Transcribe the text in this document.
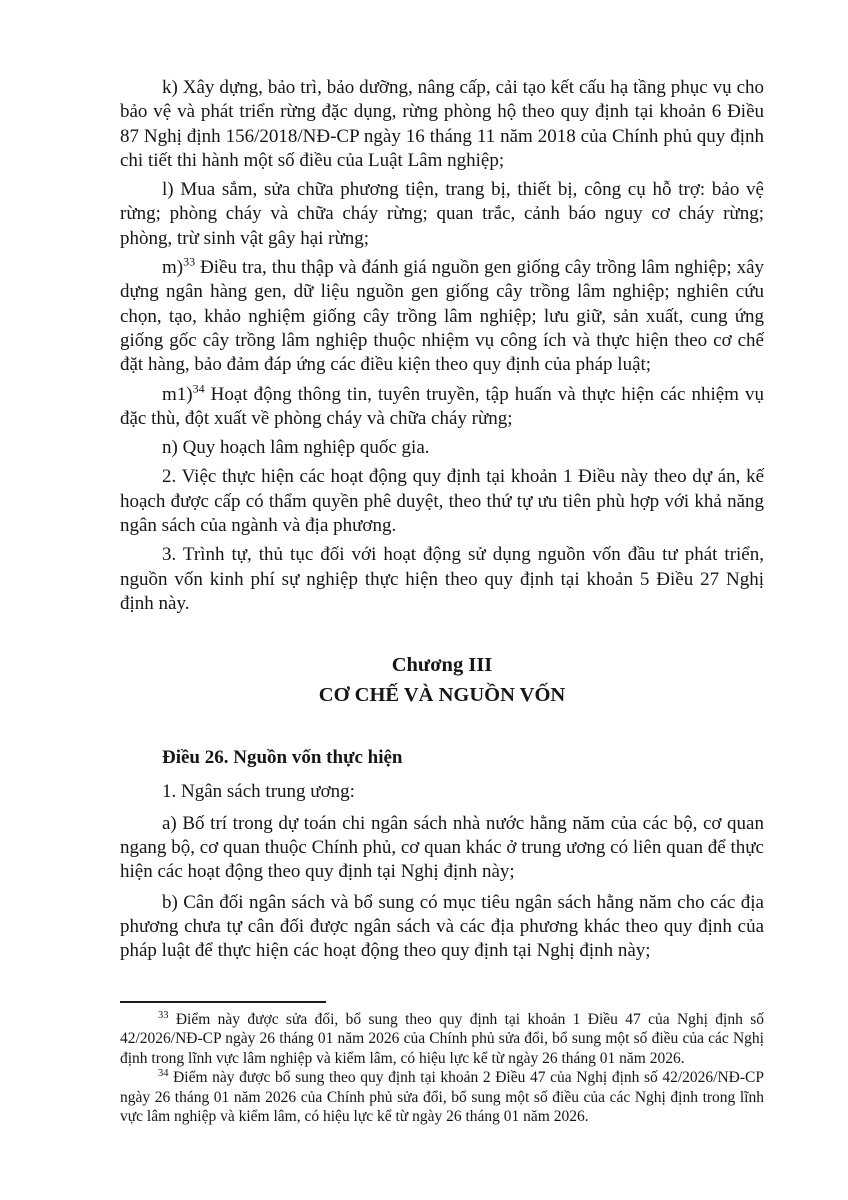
k) Xây dựng, bảo trì, bảo dưỡng, nâng cấp, cải tạo kết cấu hạ tầng phục vụ cho bảo vệ và phát triển rừng đặc dụng, rừng phòng hộ theo quy định tại khoản 6 Điều 87 Nghị định 156/2018/NĐ-CP ngày 16 tháng 11 năm 2018 của Chính phủ quy định chi tiết thi hành một số điều của Luật Lâm nghiệp;

l) Mua sắm, sửa chữa phương tiện, trang bị, thiết bị, công cụ hỗ trợ: bảo vệ rừng; phòng cháy và chữa cháy rừng; quan trắc, cảnh báo nguy cơ cháy rừng; phòng, trừ sinh vật gây hại rừng;

m)$^{33}$ Điều tra, thu thập và đánh giá nguồn gen giống cây trồng lâm nghiệp; xây dựng ngân hàng gen, dữ liệu nguồn gen giống cây trồng lâm nghiệp; nghiên cứu chọn, tạo, khảo nghiệm giống cây trồng lâm nghiệp; lưu giữ, sản xuất, cung ứng giống gốc cây trồng lâm nghiệp thuộc nhiệm vụ công ích và thực hiện theo cơ chế đặt hàng, bảo đảm đáp ứng các điều kiện theo quy định của pháp luật;

m1)$^{34}$ Hoạt động thông tin, tuyên truyền, tập huấn và thực hiện các nhiệm vụ đặc thù, đột xuất về phòng cháy và chữa cháy rừng;

n) Quy hoạch lâm nghiệp quốc gia.

2. Việc thực hiện các hoạt động quy định tại khoản 1 Điều này theo dự án, kế hoạch được cấp có thẩm quyền phê duyệt, theo thứ tự ưu tiên phù hợp với khả năng ngân sách của ngành và địa phương.

3. Trình tự, thủ tục đối với hoạt động sử dụng nguồn vốn đầu tư phát triển, nguồn vốn kinh phí sự nghiệp thực hiện theo quy định tại khoản 5 Điều 27 Nghị định này.

Chương III

CƠ CHẾ VÀ NGUỒN VỐN

Điều 26. Nguồn vốn thực hiện

1. Ngân sách trung ương:

a) Bố trí trong dự toán chi ngân sách nhà nước hằng năm của các bộ, cơ quan ngang bộ, cơ quan thuộc Chính phủ, cơ quan khác ở trung ương có liên quan để thực hiện các hoạt động theo quy định tại Nghị định này;

b) Cân đối ngân sách và bổ sung có mục tiêu ngân sách hằng năm cho các địa phương chưa tự cân đối được ngân sách và các địa phương khác theo quy định của pháp luật để thực hiện các hoạt động theo quy định tại Nghị định này;

$^{33}$ Điểm này được sửa đổi, bổ sung theo quy định tại khoản 1 Điều 47 của Nghị định số 42/2026/NĐ-CP ngày 26 tháng 01 năm 2026 của Chính phủ sửa đổi, bổ sung một số điều của các Nghị định trong lĩnh vực lâm nghiệp và kiểm lâm, có hiệu lực kể từ ngày 26 tháng 01 năm 2026.

$^{34}$ Điểm này được bổ sung theo quy định tại khoản 2 Điều 47 của Nghị định số 42/2026/NĐ-CP ngày 26 tháng 01 năm 2026 của Chính phủ sửa đổi, bổ sung một số điều của các Nghị định trong lĩnh vực lâm nghiệp và kiểm lâm, có hiệu lực kể từ ngày 26 tháng 01 năm 2026.
